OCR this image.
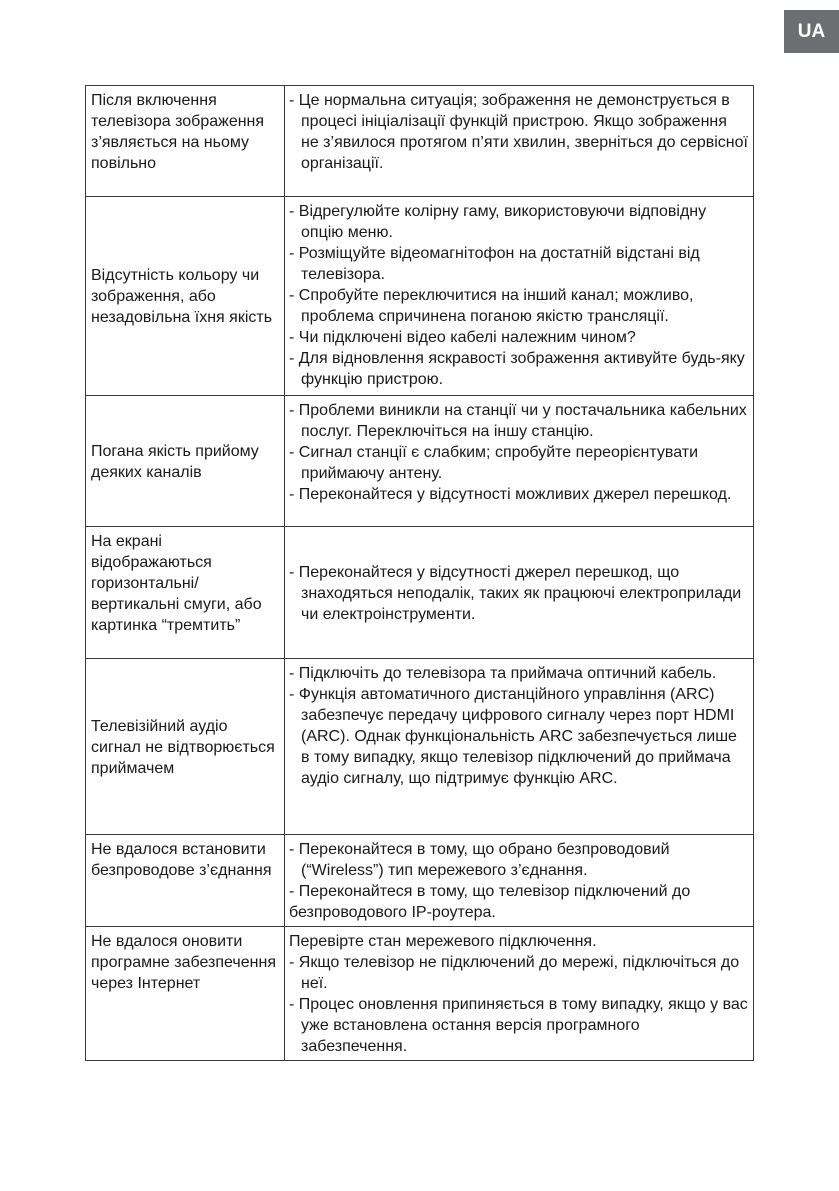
UA
Після включення телевізора зображення з’являється на ньому повільно	- Це нормальна ситуація; зображення не демонструється в процесі ініціалізації функцій пристрою. Якщо зображення не з’явилося протягом п’яти хвилин, зверніться до сервісної організації.

Відсутність кольору чи зображення, або незадовільна їхня якість	- Відрегулюйте колірну гаму, використовуючи відповідну опцію меню.

- Розміщуйте відеомагнітофон на достатній відстані від телевізора.

- Спробуйте переключитися на інший канал; можливо, проблема спричинена поганою якістю трансляції.

- Чи підключені відео кабелі належним чином?

- Для відновлення яскравості зображення активуйте будь-яку функцію пристрою.

Погана якість прийому деяких каналів	- Проблеми виникли на станції чи у постачальника кабельних послуг. Переключіться на іншу станцію.

- Сигнал станції є слабким; спробуйте переорієнтувати приймаючу антену.

- Переконайтеся у відсутності можливих джерел перешкод.

На екрані відображаються горизонтальні/ вертикальні смуги, або картинка “тремтить”	- Переконайтеся у відсутності джерел перешкод, що знаходяться неподалік, таких як працюючі електроприлади чи електроінструменти.

Телевізійний аудіо сигнал не відтворюється приймачем	- Підключіть до телевізора та приймача оптичний кабель.

- Функція автоматичного дистанційного управління (ARC) забезпечує передачу цифрового сигналу через порт HDMI (ARC). Однак функціональність ARC забезпечується лише в тому випадку, якщо телевізор підключений до приймача аудіо сигналу, що підтримує функцію ARC.

Не вдалося встановити безпроводове з’єднання	- Переконайтеся в тому, що обрано безпроводовий (“Wireless”) тип мережевого з’єднання.

- Переконайтеся в тому, що телевізор підключений до безпроводового IP-роутера.

Не вдалося оновити програмне забезпечення через Інтернет	Перевірте стан мережевого підключення.

- Якщо телевізор не підключений до мережі, підключіться до неї.

- Процес оновлення припиняється в тому випадку, якщо у вас уже встановлена остання версія програмного забезпечення.
